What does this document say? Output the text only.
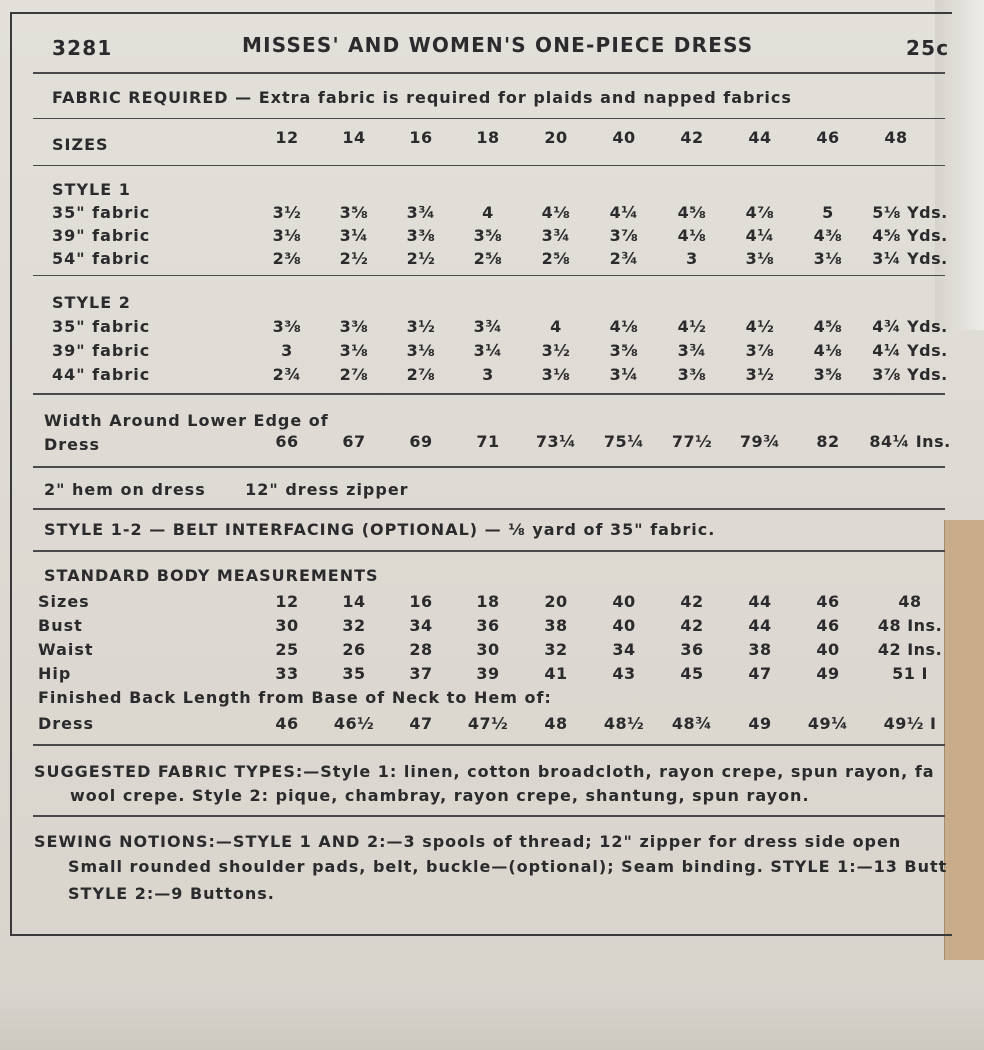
3281	MISSES' AND WOMEN'S ONE-PIECE DRESS	25c
FABRIC REQUIRED — Extra fabric is required for plaids and napped fabrics
SIZES	12	14	16	18	20	40	42	44	46	48
STYLE 1
35" fabric	3½ 3⅝ 3¾	4	4⅛ 4¼ 4⅝ 4⅞	5 5⅛ Yds.
39" fabric	3⅛ 3¼ 3⅜ 3⅝ 3¾ 3⅞ 4⅛ 4¼ 4⅜ 4⅝ Yds.
54" fabric	2⅜ 2½ 2½ 2⅝ 2⅝ 2¾	3	3⅛ 3⅛ 3¼ Yds.
STYLE 2
35" fabric	3⅜ 3⅜ 3½ 3¾	4	4⅛ 4½ 4½ 4⅝ 4¾ Yds.
39" fabric	3	3⅛ 3⅛ 3¼ 3½ 3⅝ 3¾ 3⅞ 4⅛ 4¼ Yds.
44" fabric	2¾ 2⅞ 2⅞	3	3⅛ 3¼ 3⅜ 3½ 3⅝ 3⅞ Yds.
Width Around Lower Edge of
Dress	66	67	69	71 73¼ 75¼ 77½ 79¾ 82 84¼ Ins.
2" hem on dress      12" dress zipper
STYLE 1-2 — BELT INTERFACING (OPTIONAL) — ⅛ yard of 35" fabric.
STANDARD BODY MEASUREMENTS
Sizes	12	14	16	18	20	40	42	44	46	48
Bust	30	32	34	36	38	40	42	44	46 48 Ins.
Waist	25	26	28	30	32	34	36	38	40 42 Ins.
Hip	33	35	37	39	41	43	45	47	49	51 I
Finished Back Length from Base of Neck to Hem of:
Dress	46 46½ 47 47½ 48 48½ 48¾ 49 49¼ 49½ I
SUGGESTED FABRIC TYPES:—Style 1: linen, cotton broadcloth, rayon crepe, spun rayon, fa
wool crepe. Style 2: pique, chambray, rayon crepe, shantung, spun rayon.
SEWING NOTIONS:—STYLE 1 AND 2:—3 spools of thread; 12" zipper for dress side open
Small rounded shoulder pads, belt, buckle—(optional); Seam binding. STYLE 1:—13 Butt
STYLE 2:—9 Buttons.
